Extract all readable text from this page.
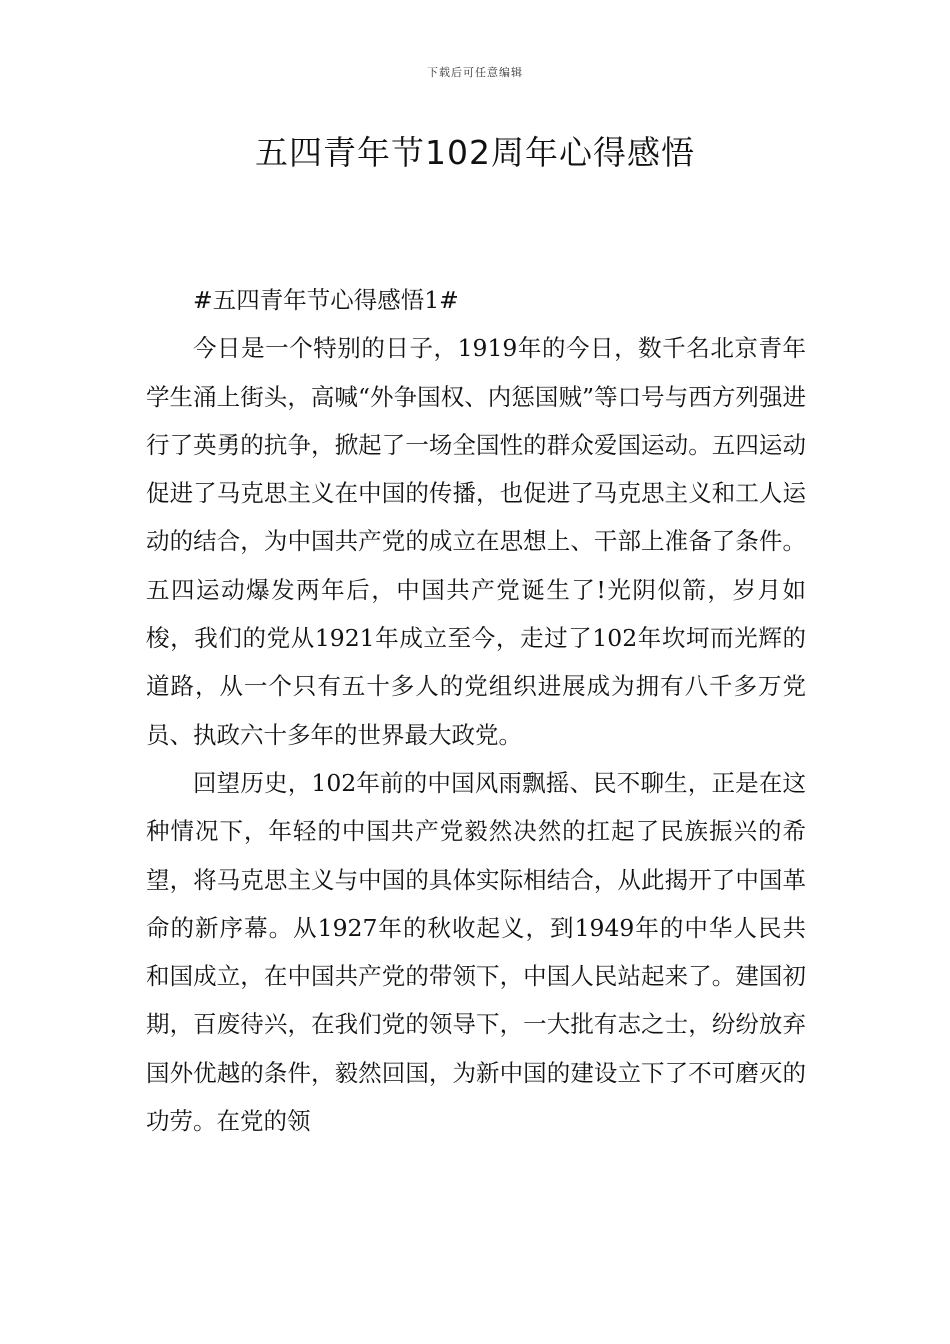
下载后可任意编辑
五四青年节102周年心得感悟

#五四青年节心得感悟1#

今日是一个特别的日子，1919年的今日，数千名北京青年学生涌上街头，高喊“外争国权、内惩国贼”等口号与西方列强进行了英勇的抗争，掀起了一场全国性的群众爱国运动。五四运动促进了马克思主义在中国的传播，也促进了马克思主义和工人运动的结合，为中国共产党的成立在思想上、干部上准备了条件。五四运动爆发两年后，中国共产党诞生了!光阴似箭，岁月如梭，我们的党从1921年成立至今，走过了102年坎坷而光辉的道路，从一个只有五十多人的党组织进展成为拥有八千多万党员、执政六十多年的世界最大政党。

回望历史，102年前的中国风雨飘摇、民不聊生，正是在这种情况下，年轻的中国共产党毅然决然的扛起了民族振兴的希望，将马克思主义与中国的具体实际相结合，从此揭开了中国革命的新序幕。从1927年的秋收起义，到1949年的中华人民共和国成立，在中国共产党的带领下，中国人民站起来了。建国初期，百废待兴，在我们党的领导下，一大批有志之士，纷纷放弃国外优越的条件，毅然回国，为新中国的建设立下了不可磨灭的功劳。在党的领
